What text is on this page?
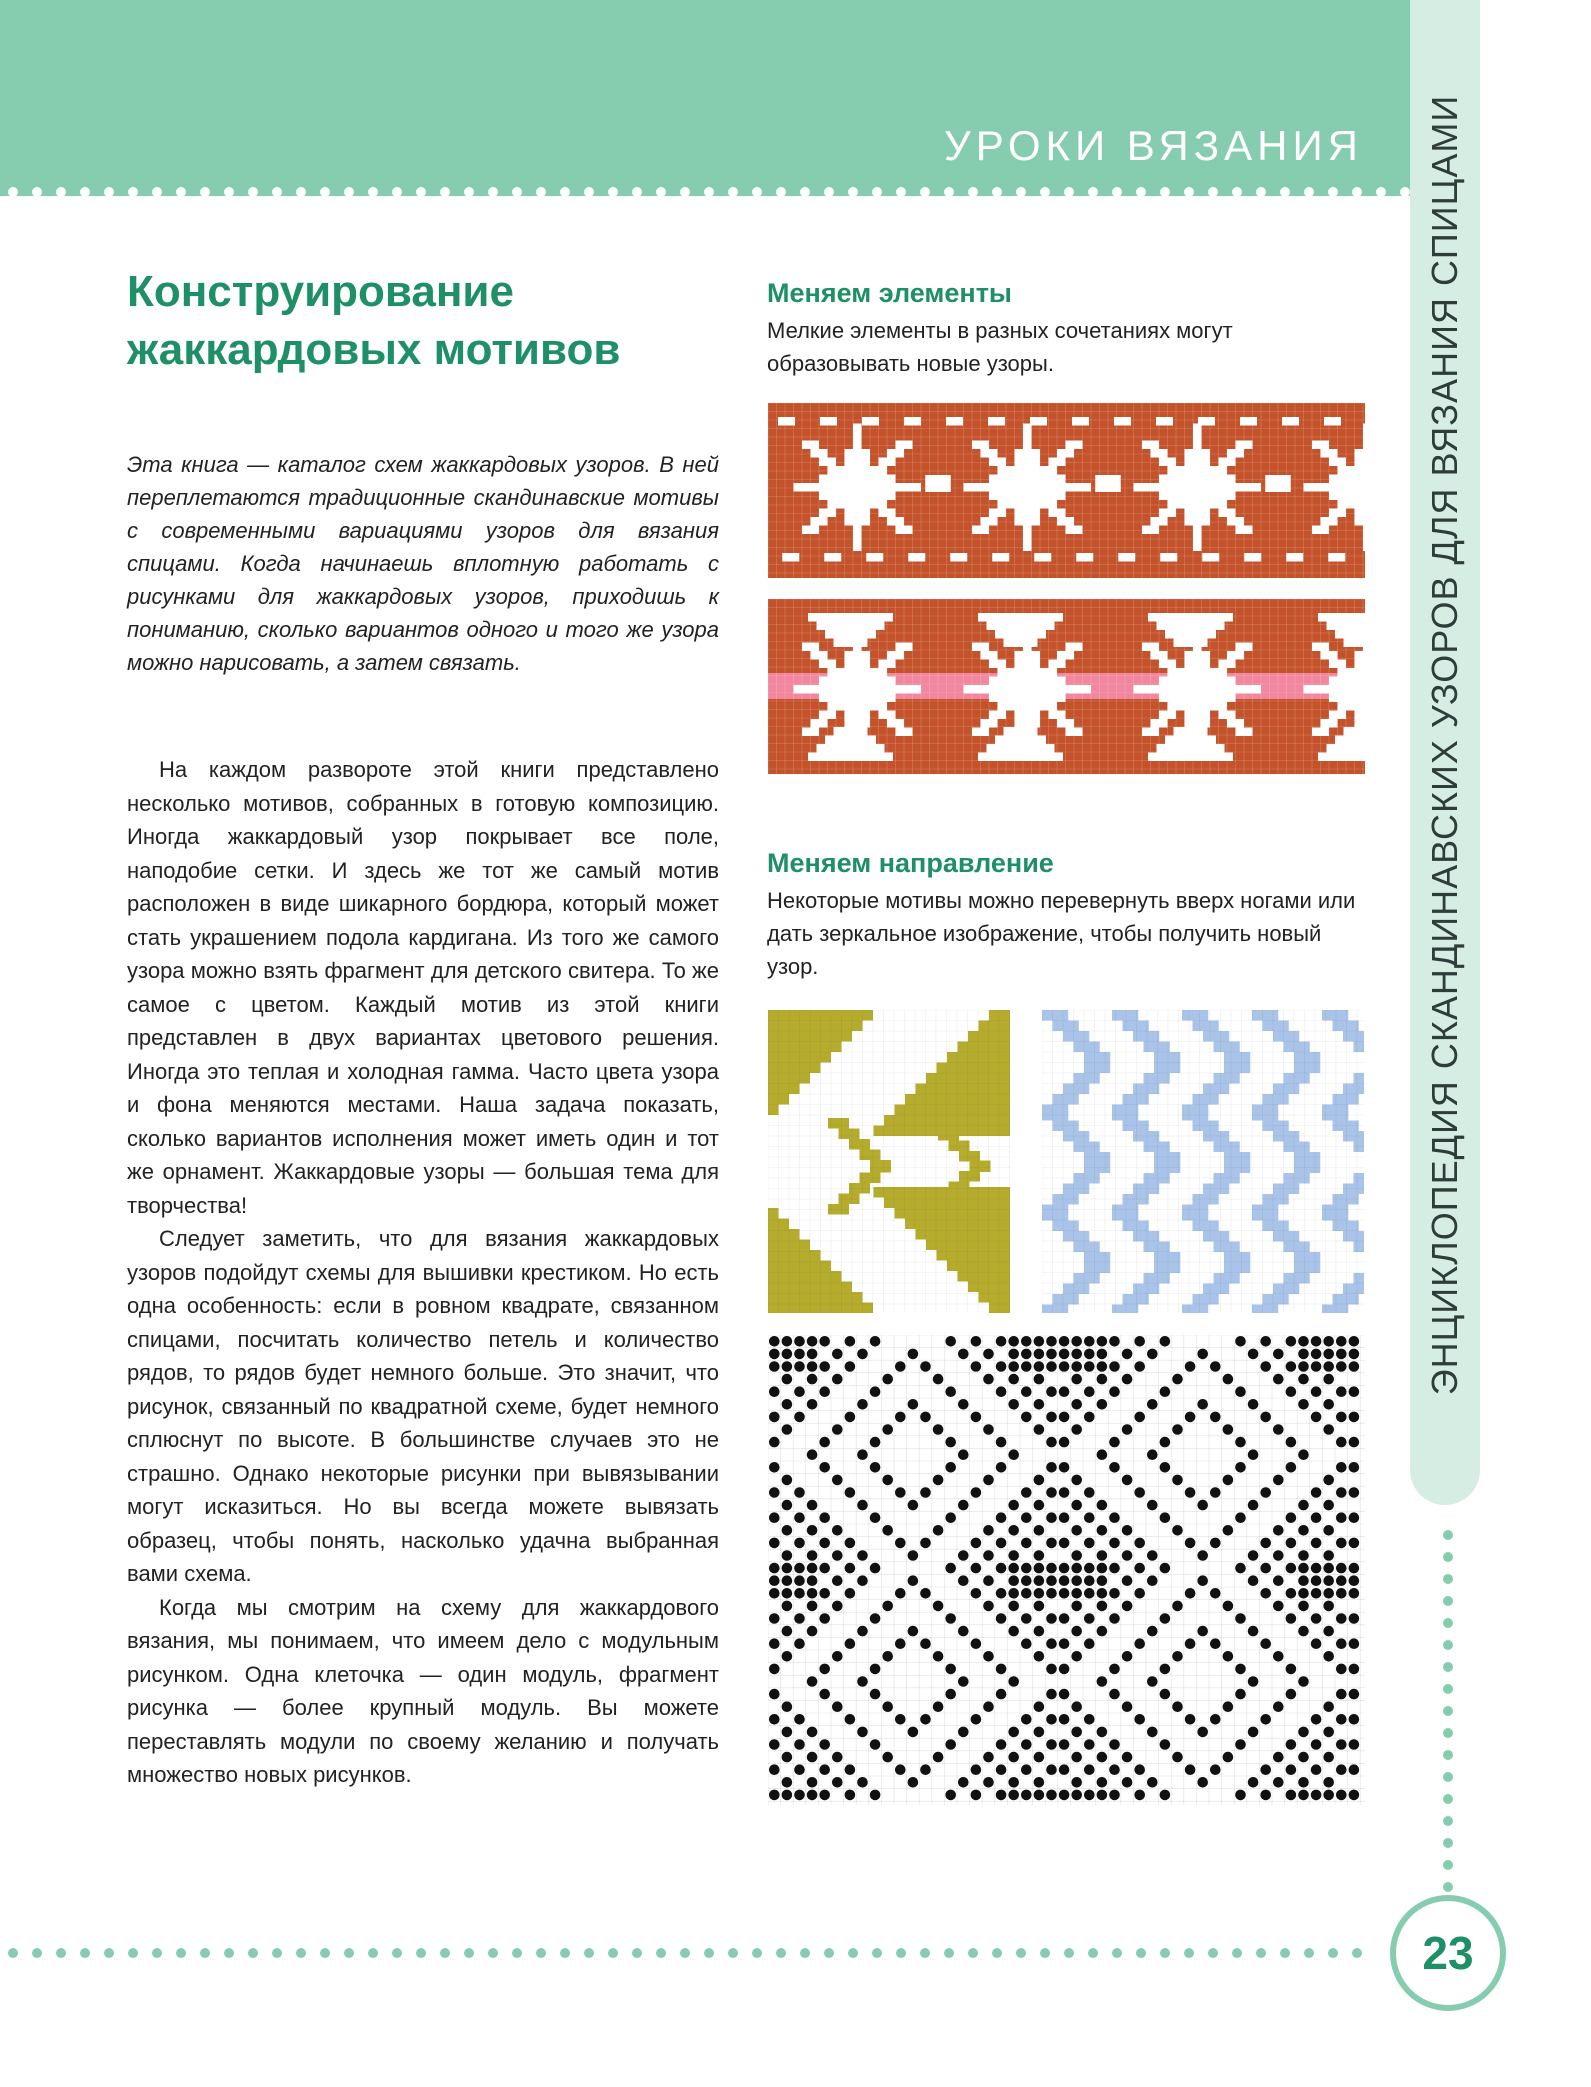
УРОКИ ВЯЗАНИЯ ЭНЦИКЛОПЕДИЯ СКАНДИНАВСКИХ УЗОРОВ ДЛЯ ВЯЗАНИЯ СПИЦАМИ
23
Конструирование
жаккардовых мотивов
Эта книга — каталог схем жаккардовых узоров. В ней переплетаются традиционные скандинавские мотивы с современными вариациями узоров для вязания спицами. Когда начинаешь вплотную работать с рисунками для жаккардовых узоров, приходишь к пониманию, сколько вариантов одного и того же узора можно нарисовать, а затем связать.

На каждом развороте этой книги представлено несколько мотивов, собранных в готовую композицию. Иногда жаккардовый узор покрывает все поле, наподобие сетки. И здесь же тот же самый мотив расположен в виде шикарного бордюра, который может стать украшением подола кардигана. Из того же самого узора можно взять фрагмент для детского свитера. То же самое с цветом. Каждый мотив из этой книги представлен в двух вариантах цветового решения. Иногда это теплая и холодная гамма. Часто цвета узора и фона меняются местами. Наша задача показать, сколько вариантов исполнения может иметь один и тот же орнамент. Жаккардовые узоры — большая тема для творчества!

Следует заметить, что для вязания жаккардовых узоров подойдут схемы для вышивки крестиком. Но есть одна особенность: если в ровном квадрате, связанном спицами, посчитать количество петель и количество рядов, то рядов будет немного больше. Это значит, что рисунок, связанный по квадратной схеме, будет немного сплюснут по высоте. В большинстве случаев это не страшно. Однако некоторые рисунки при вывязывании могут исказиться. Но вы всегда можете вывязать образец, чтобы понять, насколько удачна выбранная вами схема.

Когда мы смотрим на схему для жаккардового вязания, мы понимаем, что имеем дело с модульным рисунком. Одна клеточка — один модуль, фрагмент рисунка — более крупный модуль. Вы можете переставлять модули по своему желанию и получать множество новых рисунков.

Меняем элементы
Мелкие элементы в разных сочетаниях могут образовывать новые узоры.
Меняем направление
Некоторые мотивы можно перевернуть вверх ногами или дать зеркальное изображение, чтобы получить новый узор.
